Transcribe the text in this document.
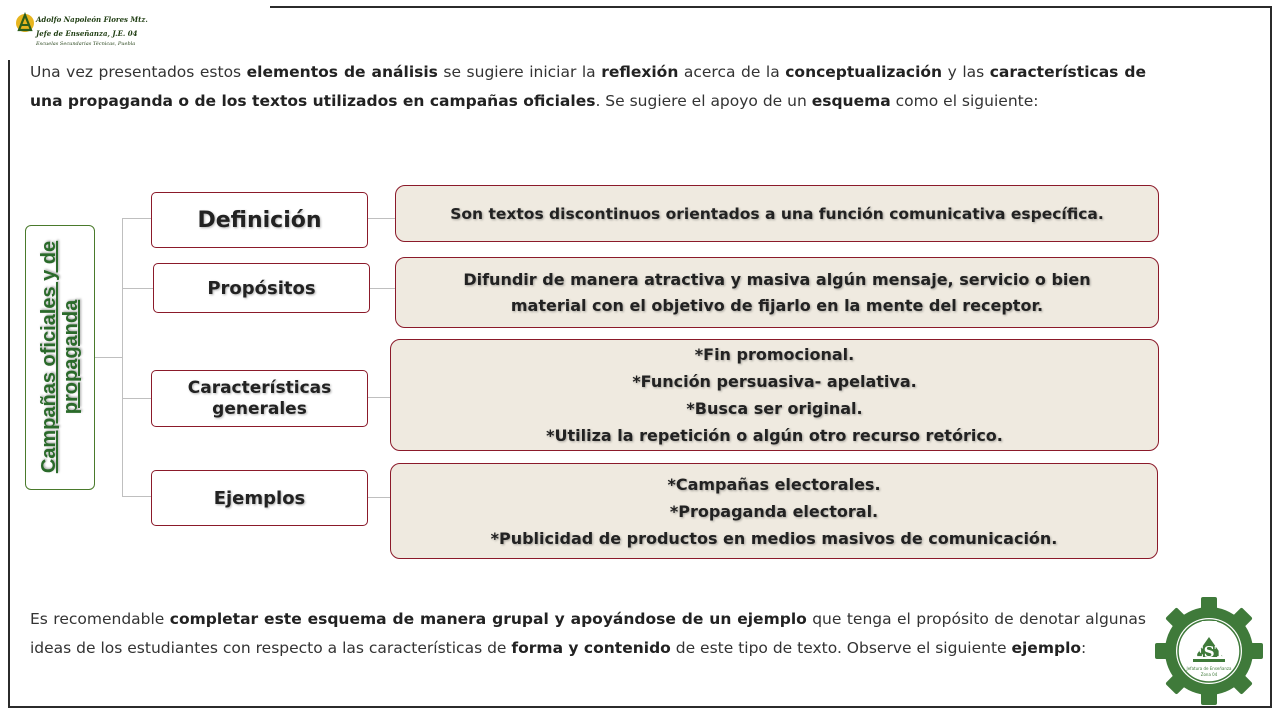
Adolfo Napoleón Flores Mtz.
Jefe de Enseñanza, J.E. 04
Escuelas Secundarias Técnicas, Puebla
Una vez presentados estos elementos de análisis se sugiere iniciar la reflexión acerca de la conceptualización y las características de una propaganda o de los textos utilizados en campañas oficiales. Se sugiere el apoyo de un esquema como el siguiente:
Campañas oficiales y de propaganda
Definición
Propósitos
Características generales
Ejemplos
Son textos discontinuos orientados a una función comunicativa específica.
Difundir de manera atractiva y masiva algún mensaje, servicio o bien
material con el objetivo de fijarlo en la mente del receptor.
*Fin promocional.
*Función persuasiva- apelativa.
*Busca ser original.
*Utiliza la repetición o algún otro recurso retórico.
*Campañas electorales.
*Propaganda electoral.
*Publicidad de productos en medios masivos de comunicación.
Es recomendable completar este esquema de manera grupal y apoyándose de un ejemplo que tenga el propósito de denotar algunas ideas de los estudiantes con respecto a las características de forma y contenido de este tipo de texto. Observe el siguiente ejemplo:
DST
EST
Jefatura de Enseñanza
Zona 04
